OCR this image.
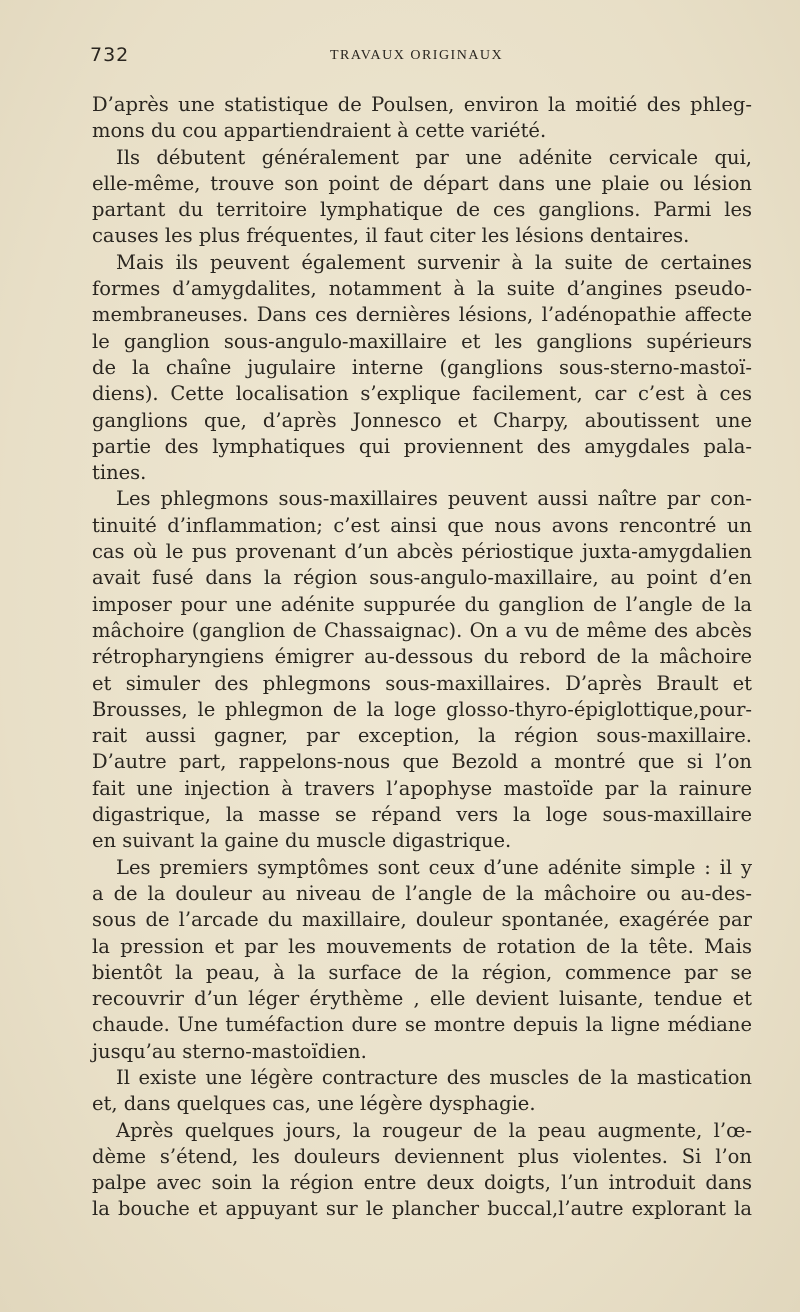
732	TRAVAUX ORIGINAUX
D’après une statistique de Poulsen, environ la moitié des phleg-
mons du cou appartiendraient à cette variété.
Ils débutent généralement par une adénite cervicale qui,
elle-même, trouve son point de départ dans une plaie ou lésion
partant du territoire lymphatique de ces ganglions. Parmi les
causes les plus fréquentes, il faut citer les lésions dentaires.
Mais ils peuvent également survenir à la suite de certaines
formes d’amygdalites, notamment à la suite d’angines pseudo-
membraneuses. Dans ces dernières lésions, l’adénopathie affecte
le ganglion sous-angulo-maxillaire et les ganglions supérieurs
de la chaîne jugulaire interne (ganglions sous-sterno-mastoï-
diens). Cette localisation s’explique facilement, car c’est à ces
ganglions que, d’après Jonnesco et Charpy, aboutissent une
partie des lymphatiques qui proviennent des amygdales pala-
tines.
Les phlegmons sous-maxillaires peuvent aussi naître par con-
tinuité d’inflammation; c’est ainsi que nous avons rencontré un
cas où le pus provenant d’un abcès périostique juxta-amygdalien
avait fusé dans la région sous-angulo-maxillaire, au point d’en
imposer pour une adénite suppurée du ganglion de l’angle de la
mâchoire (ganglion de Chassaignac). On a vu de même des abcès
rétropharyngiens émigrer au-dessous du rebord de la mâchoire
et simuler des phlegmons sous-maxillaires. D’après Brault et
Brousses, le phlegmon de la loge glosso-thyro-épiglottique,pour-
rait aussi gagner, par exception, la région sous-maxillaire.
D’autre part, rappelons-nous que Bezold a montré que si l’on
fait une injection à travers l’apophyse mastoïde par la rainure
digastrique, la masse se répand vers la loge sous-maxillaire
en suivant la gaine du muscle digastrique.
Les premiers symptômes sont ceux d’une adénite simple : il y
a de la douleur au niveau de l’angle de la mâchoire ou au-des-
sous de l’arcade du maxillaire, douleur spontanée, exagérée par
la pression et par les mouvements de rotation de la tête. Mais
bientôt la peau, à la surface de la région, commence par se
recouvrir d’un léger érythème , elle devient luisante, tendue et
chaude. Une tuméfaction dure se montre depuis la ligne médiane
jusqu’au sterno-mastoïdien.
Il existe une légère contracture des muscles de la mastication
et, dans quelques cas, une légère dysphagie.
Après quelques jours, la rougeur de la peau augmente, l’œ-
dème s’étend, les douleurs deviennent plus violentes. Si l’on
palpe avec soin la région entre deux doigts, l’un introduit dans
la bouche et appuyant sur le plancher buccal,l’autre explorant la
